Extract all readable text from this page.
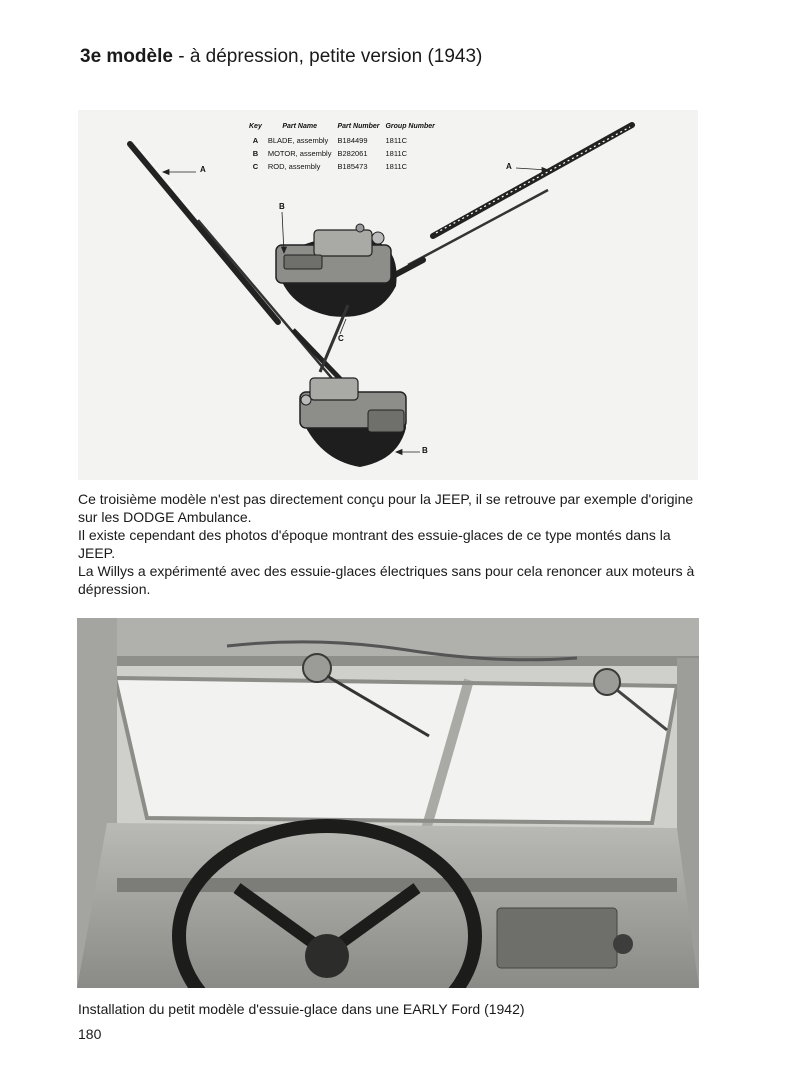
3e modèle - à dépression, petite version (1943)
Key	Part Name	Part Number	Group Number
A	BLADE, assembly	B184499	1811C
B	MOTOR, assembly	B282061	1811C
C	ROD, assembly	B185473	1811C
A	A
B
C
B

Ce troisième modèle n'est pas directement conçu pour la JEEP, il se retrouve par exemple d'origine sur les DODGE Ambulance.

Il existe cependant des photos d'époque montrant des essuie-glaces de ce type montés dans la JEEP.

La Willys a expérimenté avec des essuie-glaces électriques sans pour cela renoncer aux moteurs à dépression.

Installation du petit modèle d'essuie-glace dans une EARLY Ford (1942)
180
